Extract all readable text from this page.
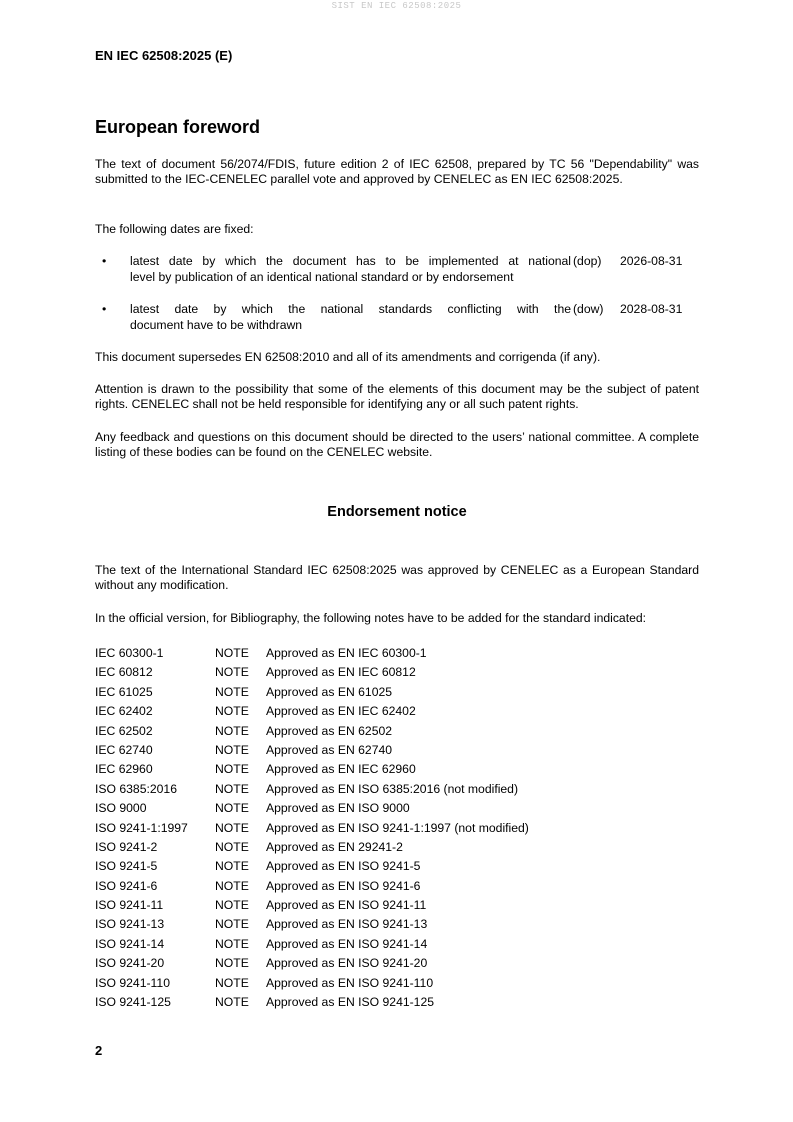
SIST EN IEC 62508:2025
EN IEC 62508:2025 (E)
European foreword

The text of document 56/2074/FDIS, future edition 2 of IEC 62508, prepared by TC 56 "Dependability" was submitted to the IEC-CENELEC parallel vote and approved by CENELEC as EN IEC 62508:2025.

The following dates are fixed:

• latest date by which the document has to be implemented at national
level by publication of an identical national standard or by endorsement
(dop) 2026-08-31
• latest date by which the national standards conflicting with the
document have to be withdrawn
(dow) 2028-08-31

This document supersedes EN 62508:2010 and all of its amendments and corrigenda (if any).

Attention is drawn to the possibility that some of the elements of this document may be the subject of patent rights. CENELEC shall not be held responsible for identifying any or all such patent rights.

Any feedback and questions on this document should be directed to the users’ national committee. A complete listing of these bodies can be found on the CENELEC website.

Endorsement notice

The text of the International Standard IEC 62508:2025 was approved by CENELEC as a European Standard without any modification.

In the official version, for Bibliography, the following notes have to be added for the standard indicated:

IEC 60300-1	NOTE Approved as EN IEC 60300-1
IEC 60812	NOTE Approved as EN IEC 60812
IEC 61025	NOTE Approved as EN 61025
IEC 62402	NOTE Approved as EN IEC 62402
IEC 62502	NOTE Approved as EN 62502
IEC 62740	NOTE Approved as EN 62740
IEC 62960	NOTE Approved as EN IEC 62960
ISO 6385:2016	NOTE Approved as EN ISO 6385:2016 (not modified)
ISO 9000	NOTE Approved as EN ISO 9000
ISO 9241-1:1997 NOTE Approved as EN ISO 9241-1:1997 (not modified)
ISO 9241-2	NOTE Approved as EN 29241-2
ISO 9241-5	NOTE Approved as EN ISO 9241-5
ISO 9241-6	NOTE Approved as EN ISO 9241-6
ISO 9241-11	NOTE Approved as EN ISO 9241-11
ISO 9241-13	NOTE Approved as EN ISO 9241-13
ISO 9241-14	NOTE Approved as EN ISO 9241-14
ISO 9241-20	NOTE Approved as EN ISO 9241-20
ISO 9241-110	NOTE Approved as EN ISO 9241-110
ISO 9241-125	NOTE Approved as EN ISO 9241-125
2
